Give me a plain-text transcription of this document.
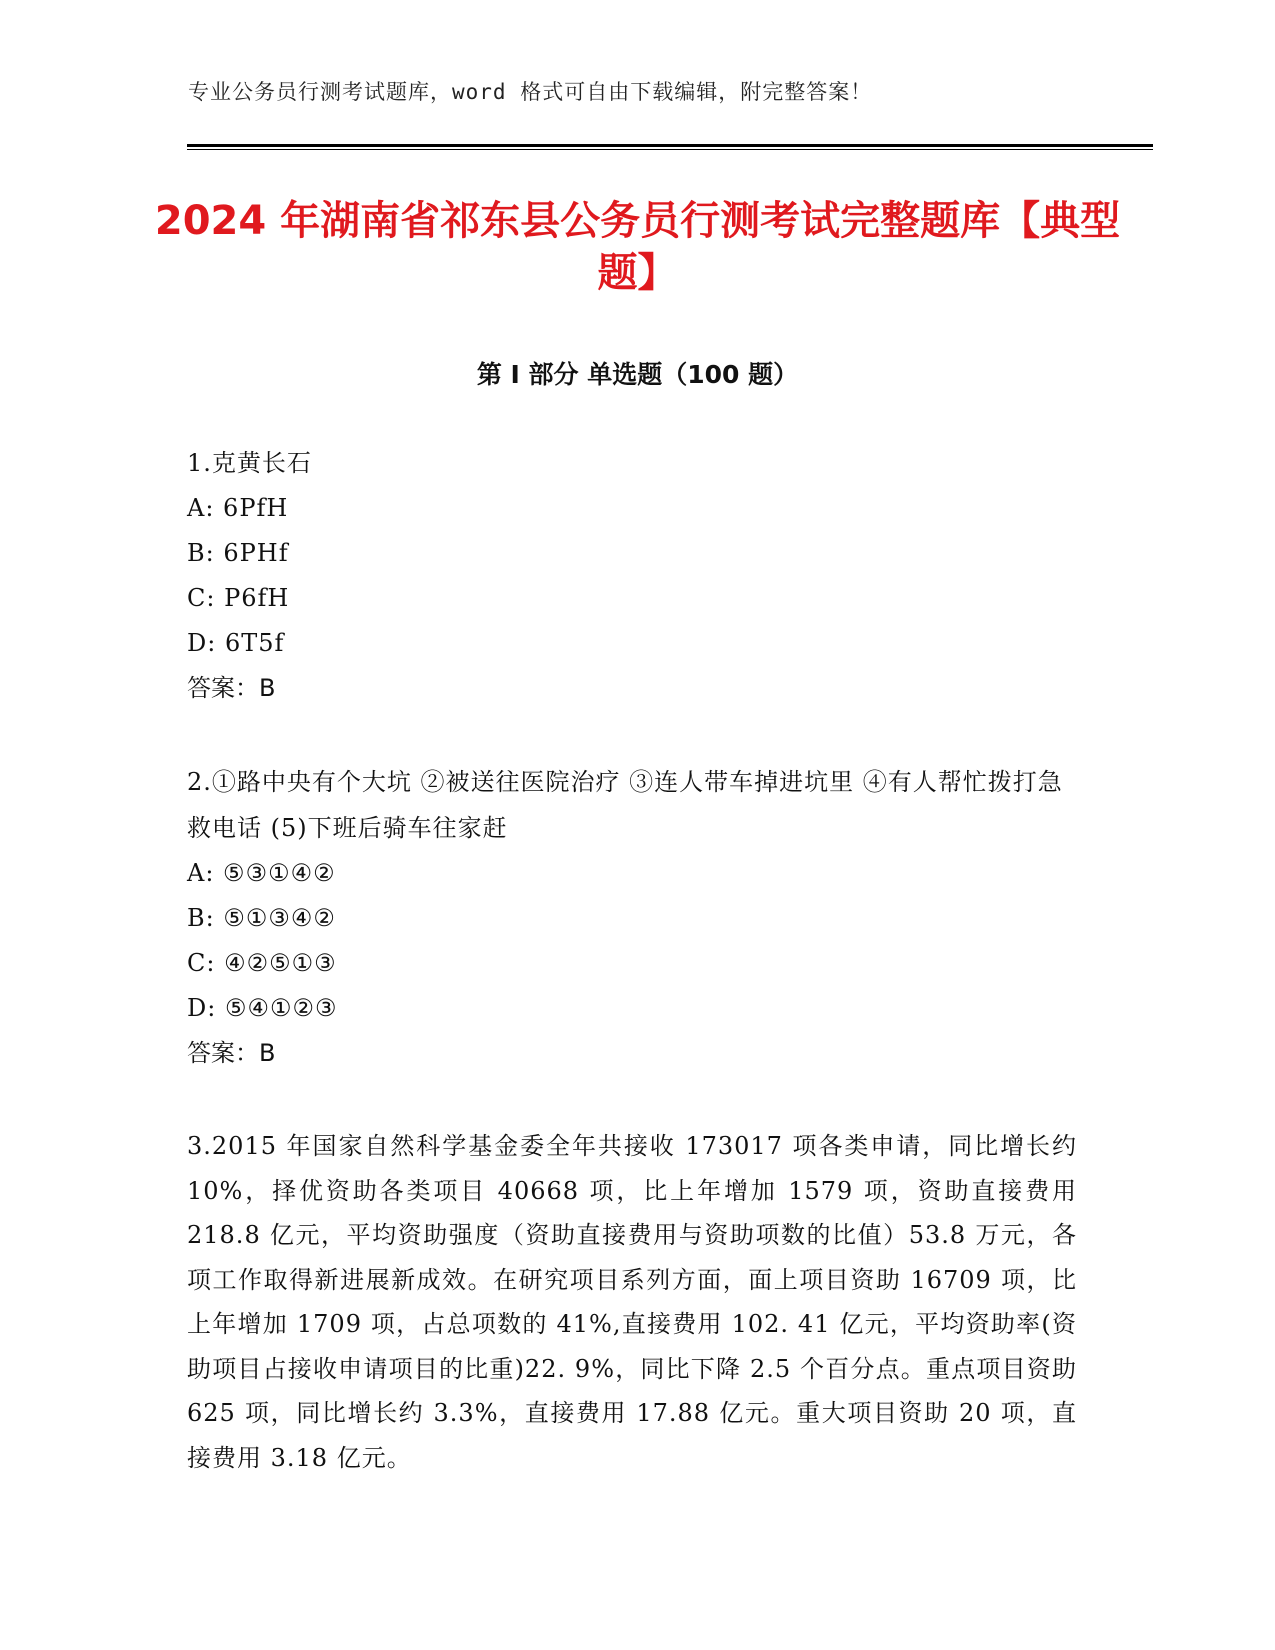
专业公务员行测考试题库，word 格式可自由下载编辑，附完整答案！
2024 年湖南省祁东县公务员行测考试完整题库【典型题】
第 I 部分 单选题（100 题）
1.克黄长石
A: 6PfH
B: 6PHf
C: P6fH
D: 6T5f
答案：B
2.①路中央有个大坑 ②被送往医院治疗 ③连人带车掉进坑里 ④有人帮忙拨打急救电话 (5)下班后骑车往家赶
A: ⑤③①④②
B: ⑤①③④②
C: ④②⑤①③
D: ⑤④①②③
答案：B
3.2015 年国家自然科学基金委全年共接收 173017 项各类申请，同比增长约 10%，择优资助各类项目 40668 项，比上年增加 1579 项，资助直接费用 218.8 亿元，平均资助强度（资助直接费用与资助项数的比值）53.8 万元，各项工作取得新进展新成效。在研究项目系列方面，面上项目资助 16709 项，比上年增加 1709 项，占总项数的 41%,直接费用 102. 41 亿元，平均资助率(资助项目占接收申请项目的比重)22. 9%，同比下降 2.5 个百分点。重点项目资助 625 项，同比增长约 3.3%，直接费用 17.88 亿元。重大项目资助 20 项，直接费用 3.18 亿元。
